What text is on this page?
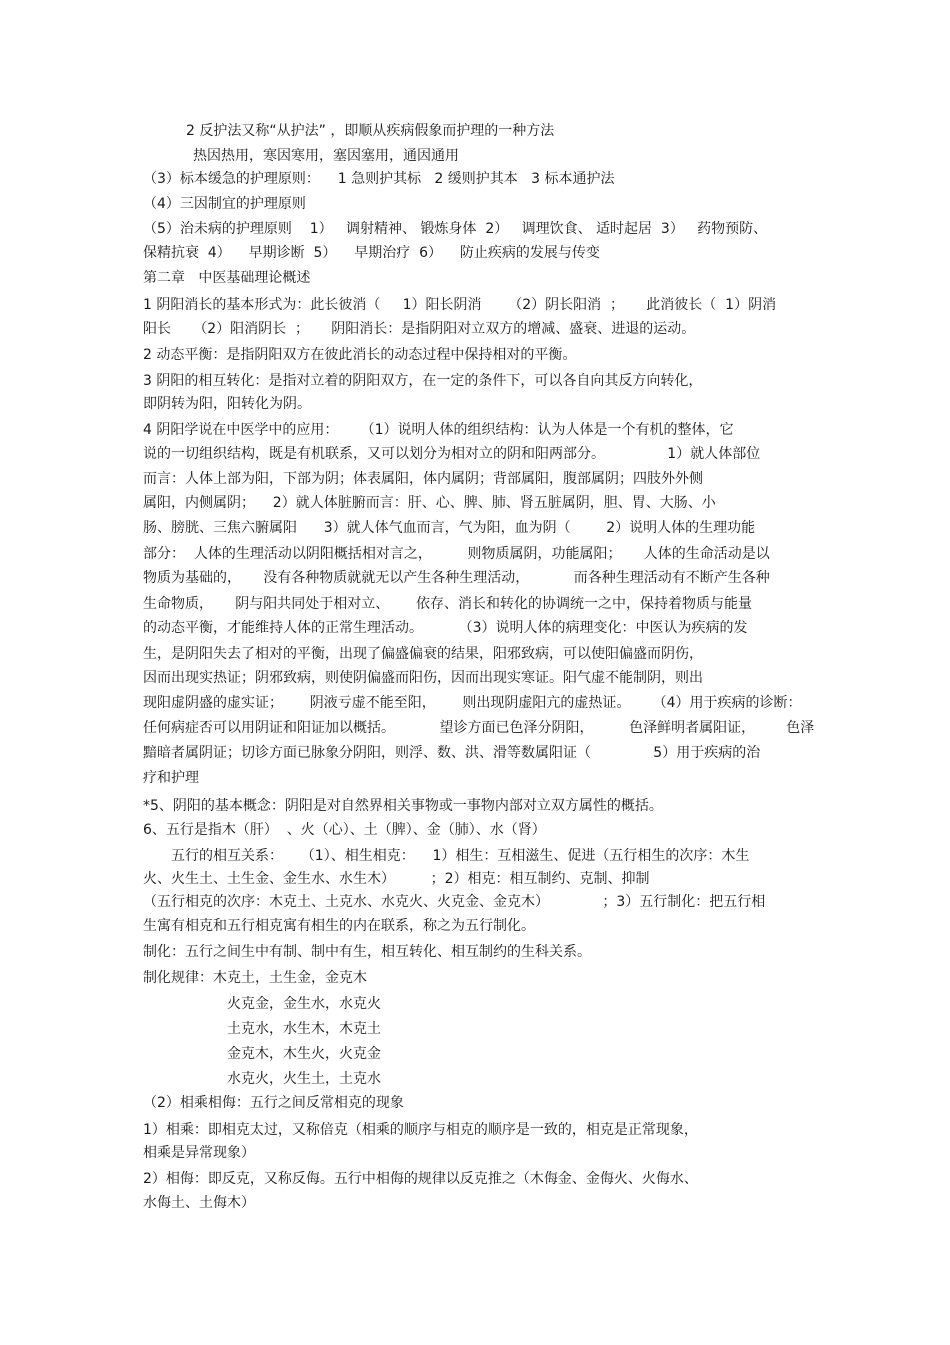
2 反护法又称“从护法” ，即顺从疾病假象而护理的一种方法
热因热用，寒因寒用，塞因塞用，通因通用
（3）标本缓急的护理原则：    1 急则护其标   2 缓则护其本   3 标本通护法
（4）三因制宜的护理原则
（5）治未病的护理原则    1）   调射精神、 锻炼身体  2）   调理饮食、 适时起居  3）   药物预防、
保精抗衰  4）    早期诊断  5）    早期治疗  6）    防止疾病的发展与传变
第二章   中医基础理论概述
1 阴阳消长的基本形式为：此长彼消（     1）阳长阴消      （2）阴长阳消  ；     此消彼长（  1）阴消
阳长     （2）阳消阴长  ；     阴阳消长：是指阴阳对立双方的增减、盛衰、进退的运动。
2 动态平衡：是指阴阳双方在彼此消长的动态过程中保持相对的平衡。
3 阴阳的相互转化：是指对立着的阴阳双方，在一定的条件下，可以各自向其反方向转化，
即阴转为阳，阳转化为阴。
4 阴阳学说在中医学中的应用：     （1）说明人体的组织结构：认为人体是一个有机的整体，它
说的一切组织结构，既是有机联系，又可以划分为相对立的阴和阳两部分。              1）就人体部位
而言：人体上部为阳，下部为阴；体表属阳，体内属阴；背部属阳，腹部属阴；四肢外外侧
属阳，内侧属阴；    2）就人体脏腑而言：肝、心、脾、肺、肾五脏属阴，胆、胃、大肠、小
肠、膀胱、三焦六腑属阳      3）就人体气血而言，气为阳，血为阴（        2）说明人体的生理功能
部分：  人体的生理活动以阴阳概括相对言之，        则物质属阴，功能属阳；     人体的生命活动是以
物质为基础的，     没有各种物质就就无以产生各种生理活动，          而各种生理活动有不断产生各种
生命物质，     阴与阳共同处于相对立、      依存、消长和转化的协调统一之中，保持着物质与能量
的动态平衡，才能维持人体的正常生理活动。        （3）说明人体的病理变化：中医认为疾病的发
生，是阴阳失去了相对的平衡，出现了偏盛偏衰的结果，阳邪致病，可以使阳偏盛而阴伤，
因而出现实热证；阴邪致病，则使阴偏盛而阳伤，因而出现实寒证。阳气虚不能制阴，则出
现阳虚阴盛的虚实证；      阴液亏虚不能至阳，      则出现阴虚阳亢的虚热证。     （4）用于疾病的诊断：
任何病症否可以用阴证和阳证加以概括。          望诊方面已色泽分阴阳，        色泽鲜明者属阳证，       色泽
黯暗者属阴证；切诊方面已脉象分阴阳，则浮、数、洪、滑等数属阳证（              5）用于疾病的治
疗和护理
*5、阴阳的基本概念：阴阳是对自然界相关事物或一事物内部对立双方属性的概括。
6、五行是指木（肝）  、火（心）、土（脾）、金（肺）、水（肾）
五行的相互关系：    （1）、相生相克：    1）相生：互相滋生、促进（五行相生的次序：木生
火、火生土、土生金、金生水、水生木）        ；2）相克：相互制约、克制、抑制
（五行相克的次序：木克土、土克水、水克火、火克金、金克木）            ；3）五行制化：把五行相
生寓有相克和五行相克寓有相生的内在联系，称之为五行制化。
制化：五行之间生中有制、制中有生，相互转化、相互制约的生科关系。
制化规律：木克土，土生金，金克木
火克金，金生水，水克火
土克水，水生木，木克土
金克木，木生火，火克金
水克火，火生土，土克水
（2）相乘相侮：五行之间反常相克的现象
1）相乘：即相克太过，又称倍克（相乘的顺序与相克的顺序是一致的，相克是正常现象，
相乘是异常现象）
2）相侮：即反克，又称反侮。五行中相侮的规律以反克推之（木侮金、金侮火、火侮水、
水侮土、土侮木）
